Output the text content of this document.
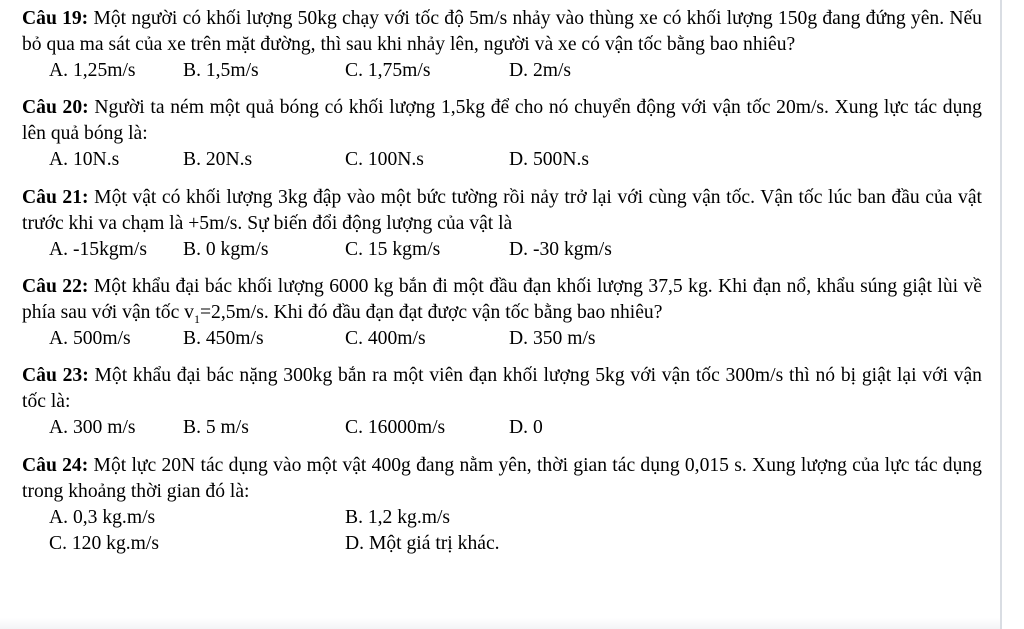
Câu 19: Một người có khối lượng 50kg chạy với tốc độ 5m/s nhảy vào thùng xe có khối lượng 150g đang đứng yên. Nếu bỏ qua ma sát của xe trên mặt đường, thì sau khi nhảy lên, người và xe có vận tốc bằng bao nhiêu?

A. 1,25m/s B. 1,5m/s	C. 1,75m/s	D. 2m/s

Câu 20: Người ta ném một quả bóng có khối lượng 1,5kg để cho nó chuyển động với vận tốc 20m/s. Xung lực tác dụng lên quả bóng là:

A. 10N.s	B. 20N.s	C. 100N.s	D. 500N.s

Câu 21: Một vật có khối lượng 3kg đập vào một bức tường rồi nảy trở lại với cùng vận tốc. Vận tốc lúc ban đầu của vật trước khi va chạm là +5m/s. Sự biến đổi động lượng của vật là

A. -15kgm/s B. 0 kgm/s	C. 15 kgm/s	D. -30 kgm/s

Câu 22: Một khẩu đại bác khối lượng 6000 kg bắn đi một đầu đạn khối lượng 37,5 kg. Khi đạn nổ, khẩu súng giật lùi về phía sau với vận tốc $v_1=2,5m/s$. Khi đó đầu đạn đạt được vận tốc bằng bao nhiêu?

A. 500m/s	B. 450m/s	C. 400m/s	D. 350 m/s

Câu 23: Một khẩu đại bác nặng 300kg bắn ra một viên đạn khối lượng 5kg với vận tốc 300m/s thì nó bị giật lại với vận tốc là:

A. 300 m/s B. 5 m/s	C. 16000m/s	D. 0

Câu 24: Một lực 20N tác dụng vào một vật 400g đang nằm yên, thời gian tác dụng 0,015 s. Xung lượng của lực tác dụng trong khoảng thời gian đó là:

A. 0,3 kg.m/s	B. 1,2 kg.m/s
C. 120 kg.m/s	D. Một giá trị khác.
